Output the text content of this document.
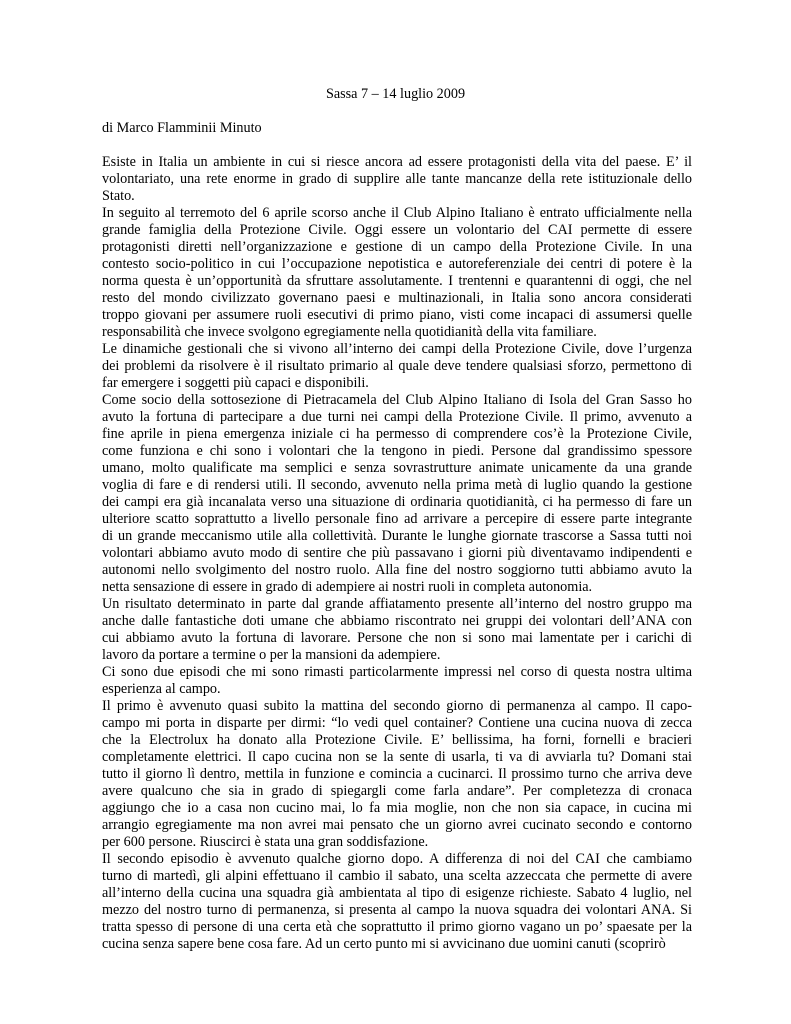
Sassa 7 – 14 luglio 2009
di Marco Flamminii Minuto
Esiste in Italia un ambiente in cui si riesce ancora ad essere protagonisti della vita del paese. E’ il
volontariato, una rete enorme in grado di supplire alle tante mancanze della rete istituzionale dello
Stato.
In seguito al terremoto del 6 aprile scorso anche il Club Alpino Italiano è entrato ufficialmente nella
grande famiglia della Protezione Civile. Oggi essere un volontario del CAI permette di essere
protagonisti diretti nell’organizzazione e gestione di un campo della Protezione Civile. In una
contesto socio-politico in cui l’occupazione nepotistica e autoreferenziale dei centri di potere è la
norma questa è un’opportunità da sfruttare assolutamente. I trentenni e quarantenni di oggi, che nel
resto del mondo civilizzato governano paesi e multinazionali, in Italia sono ancora considerati
troppo giovani per assumere ruoli esecutivi di primo piano, visti come incapaci di assumersi quelle
responsabilità che invece svolgono egregiamente nella quotidianità della vita familiare.
Le dinamiche gestionali che si vivono all’interno dei campi della Protezione Civile, dove l’urgenza
dei problemi da risolvere è il risultato primario al quale deve tendere qualsiasi sforzo, permettono di
far emergere i soggetti più capaci e disponibili.
Come socio della sottosezione di Pietracamela del Club Alpino Italiano di Isola del Gran Sasso ho
avuto la fortuna di partecipare a due turni nei campi della Protezione Civile. Il primo, avvenuto a
fine aprile in piena emergenza iniziale ci ha permesso di comprendere cos’è la Protezione Civile,
come funziona e chi sono i volontari che la tengono in piedi. Persone dal grandissimo spessore
umano, molto qualificate ma semplici e senza sovrastrutture animate unicamente da una grande
voglia di fare e di rendersi utili. Il secondo, avvenuto nella prima metà di luglio quando la gestione
dei campi era già incanalata verso una situazione di ordinaria quotidianità, ci ha permesso di fare un
ulteriore scatto soprattutto a livello personale fino ad arrivare a percepire di essere parte integrante
di un grande meccanismo utile alla collettività. Durante le lunghe giornate trascorse a Sassa tutti noi
volontari abbiamo avuto modo di sentire che più passavano i giorni più diventavamo indipendenti e
autonomi nello svolgimento del nostro ruolo. Alla fine del nostro soggiorno tutti abbiamo avuto la
netta sensazione di essere in grado di adempiere ai nostri ruoli in completa autonomia.
Un risultato determinato in parte dal grande affiatamento presente all’interno del nostro gruppo ma
anche dalle fantastiche doti umane che abbiamo riscontrato nei gruppi dei volontari dell’ANA con
cui abbiamo avuto la fortuna di lavorare. Persone che non si sono mai lamentate per i carichi di
lavoro da portare a termine o per la mansioni da adempiere.
Ci sono due episodi che mi sono rimasti particolarmente impressi nel corso di questa nostra ultima
esperienza al campo.
Il primo è avvenuto quasi subito la mattina del secondo giorno di permanenza al campo. Il capo-
campo mi porta in disparte per dirmi: “lo vedi quel container? Contiene una cucina nuova di zecca
che la Electrolux ha donato alla Protezione Civile. E’ bellissima, ha forni, fornelli e bracieri
completamente elettrici. Il capo cucina non se la sente di usarla, ti va di avviarla tu? Domani stai
tutto il giorno lì dentro, mettila in funzione e comincia a cucinarci. Il prossimo turno che arriva deve
avere qualcuno che sia in grado di spiegargli come farla andare”. Per completezza di cronaca
aggiungo che io a casa non cucino mai, lo fa mia moglie, non che non sia capace, in cucina mi
arrangio egregiamente ma non avrei mai pensato che un giorno avrei cucinato secondo e contorno
per 600 persone. Riuscirci è stata una gran soddisfazione.
Il secondo episodio è avvenuto qualche giorno dopo. A differenza di noi del CAI che cambiamo
turno di martedì, gli alpini effettuano il cambio il sabato, una scelta azzeccata che permette di avere
all’interno della cucina una squadra già ambientata al tipo di esigenze richieste. Sabato 4 luglio, nel
mezzo del nostro turno di permanenza, si presenta al campo la nuova squadra dei volontari ANA. Si
tratta spesso di persone di una certa età che soprattutto il primo giorno vagano un po’ spaesate per la
cucina senza sapere bene cosa fare. Ad un certo punto mi si avvicinano due uomini canuti (scoprirò
